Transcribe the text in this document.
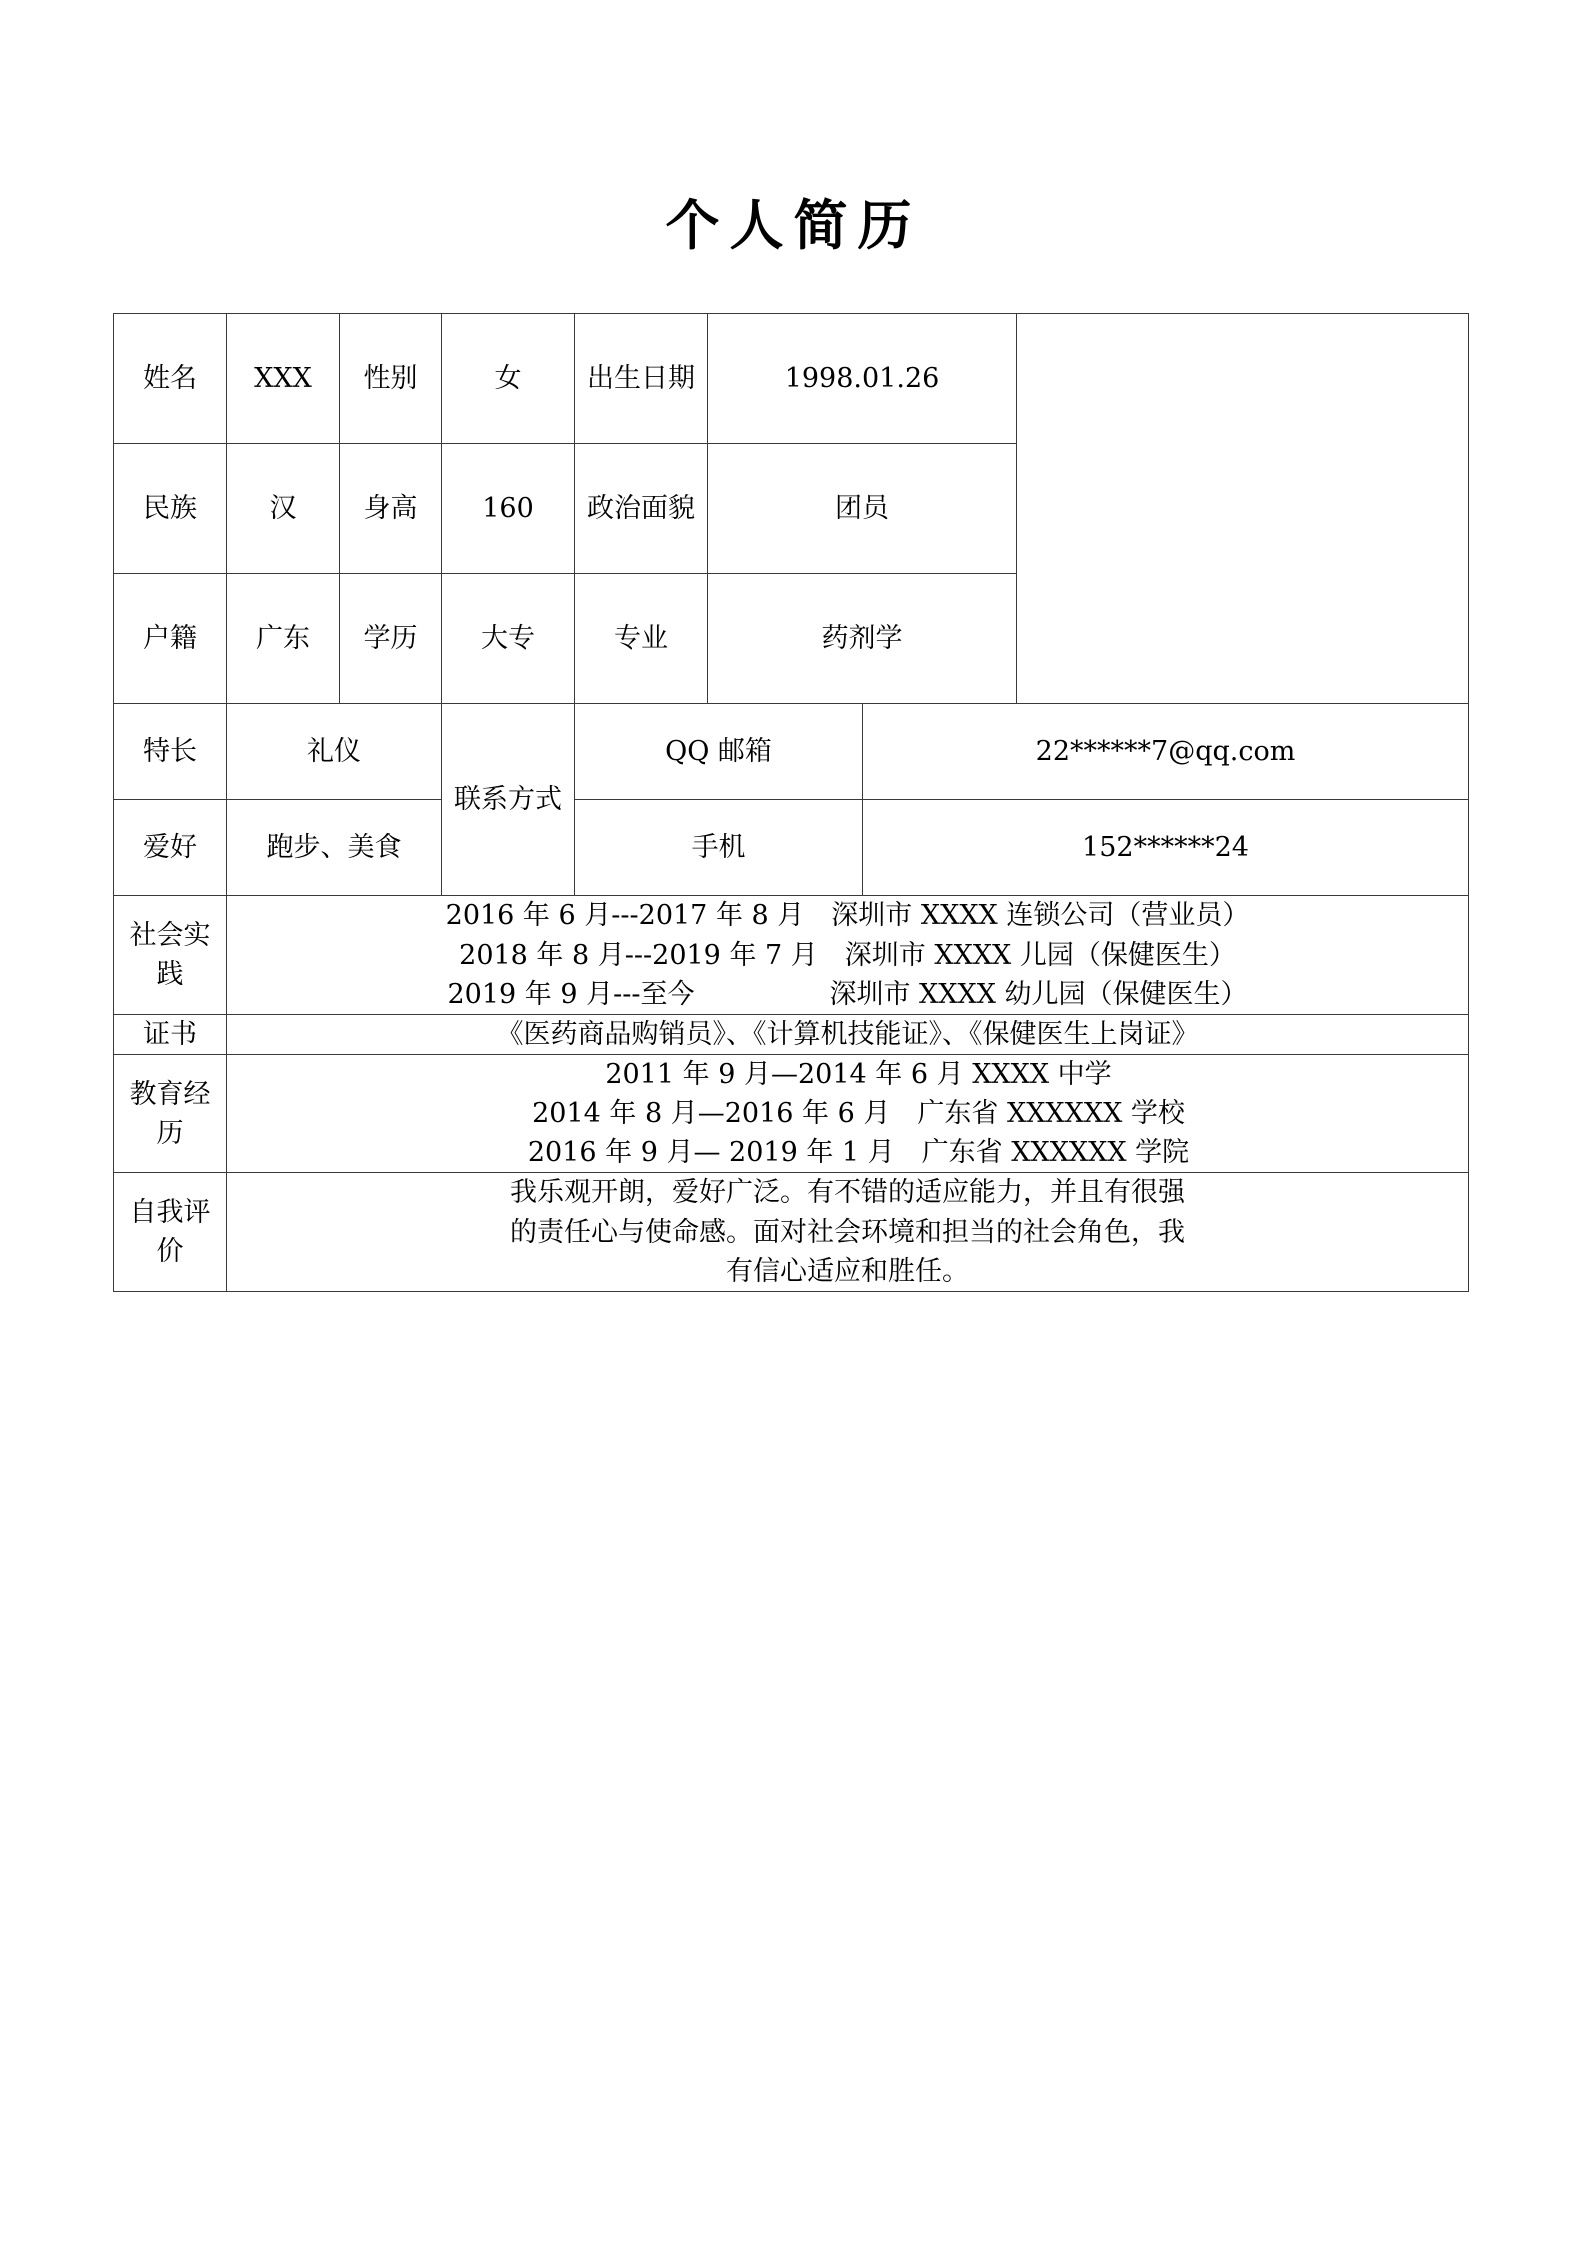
个人简历
姓名	XXX	性别	女	出生日期	1998.01.26		
民族	汉	身高	160	政治面貌	团员		
户籍	广东	学历	大专	专业	药剂学		
特长	礼仪		联系方式	QQ 邮箱		22******7@qq.com	
爱好	跑步、美食			手机		152******24	
社会实践	2016 年 6 月---2017 年 8 月　深圳市 XXXX 连锁公司（营业员）
2018 年 8 月---2019 年 7 月　深圳市 XXXX 儿园（保健医生）
2019 年 9 月---至今　　　　　深圳市 XXXX 幼儿园（保健医生）						

证书	《医药商品购销员》、《计算机技能证》、《保健医生上岗证》						

教育经历	2011 年 9 月—2014 年 6 月 XXXX 中学
2014 年 8 月—2016 年 6 月　广东省 XXXXXX 学校
2016 年 9 月— 2019 年 1 月　广东省 XXXXXX 学院						

自我评价	我乐观开朗，爱好广泛。有不错的适应能力，并且有很强
的责任心与使命感。面对社会环境和担当的社会角色，我
有信心适应和胜任。						
